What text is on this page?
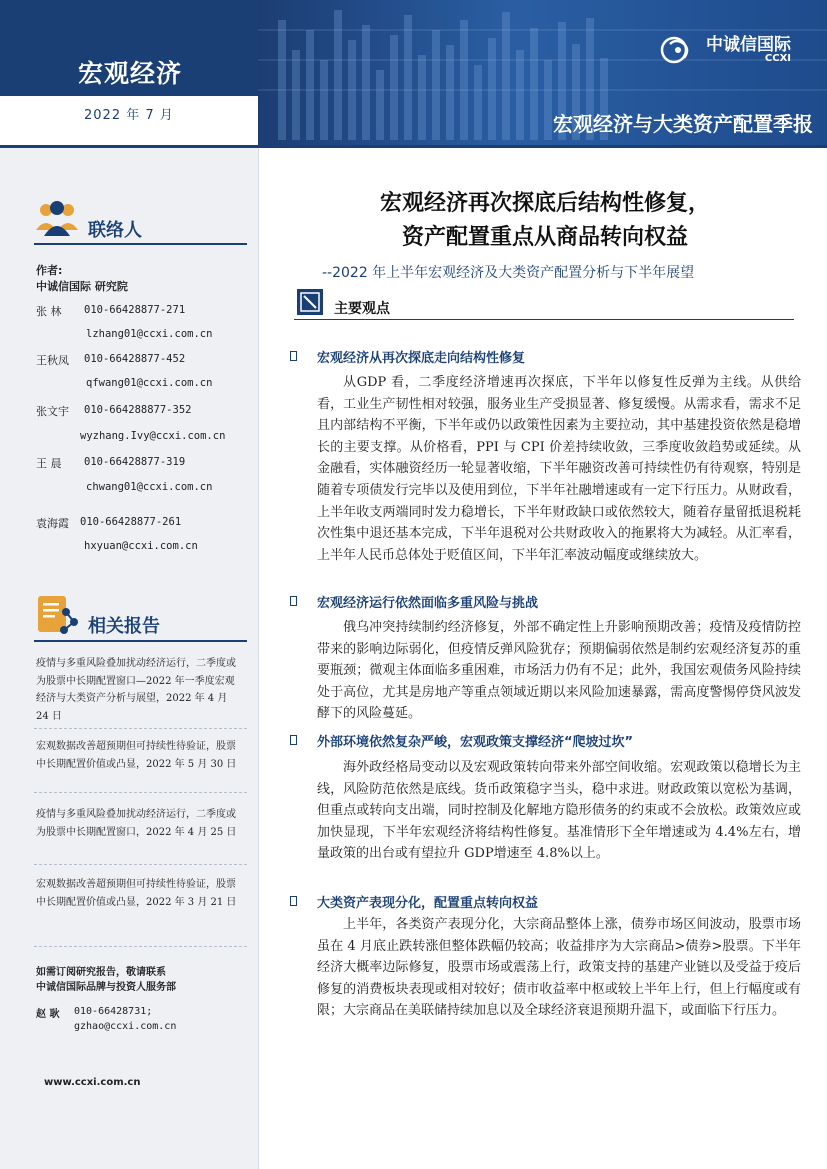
宏观经济
2022 年 7 月
中诚信国际
CCXI
宏观经济与大类资产配置季报
联络人
作者:
中诚信国际 研究院
张 林 010-66428877-271
lzhang01@ccxi.com.cn
王秋凤 010-66428877-452
qfwang01@ccxi.com.cn
张文宇 010-664288877-352
wyzhang.Ivy@ccxi.com.cn
王 晨 010-66428877-319
chwang01@ccxi.com.cn
袁海霞 010-66428877-261
hxyuan@ccxi.com.cn
相关报告
疫情与多重风险叠加扰动经济运行，二季度或为股票中长期配置窗口—2022 年一季度宏观经济与大类资产分析与展望，2022 年 4 月 24 日
宏观数据改善超预期但可持续性待验证，股票中长期配置价值或凸显，2022 年 5 月 30 日
疫情与多重风险叠加扰动经济运行，二季度或为股票中长期配置窗口，2022 年 4 月 25 日
宏观数据改善超预期但可持续性待验证，股票中长期配置价值或凸显，2022 年 3 月 21 日
如需订阅研究报告，敬请联系
中诚信国际品牌与投资人服务部
赵 耿 010-66428731;
gzhao@ccxi.com.cn
www.ccxi.com.cn
宏观经济再次探底后结构性修复，
资产配置重点从商品转向权益
--2022 年上半年宏观经济及大类资产配置分析与下半年展望
主要观点
宏观经济从再次探底走向结构性修复
从GDP 看，二季度经济增速再次探底，下半年以修复性反弹为主线。从供给看，工业生产韧性相对较强，服务业生产受损显著、修复缓慢。从需求看，需求不足且内部结构不平衡，下半年或仍以政策性因素为主要拉动，其中基建投资依然是稳增长的主要支撑。从价格看，PPI 与 CPI 价差持续收敛，三季度收敛趋势或延续。从金融看，实体融资经历一轮显著收缩，下半年融资改善可持续性仍有待观察，特别是随着专项债发行完毕以及使用到位，下半年社融增速或有一定下行压力。从财政看，上半年收支两端同时发力稳增长，下半年财政缺口或依然较大，随着存量留抵退税耗次性集中退还基本完成，下半年退税对公共财政收入的拖累将大为减轻。从汇率看，上半年人民币总体处于贬值区间，下半年汇率波动幅度或继续放大。
宏观经济运行依然面临多重风险与挑战
俄乌冲突持续制约经济修复，外部不确定性上升影响预期改善；疫情及疫情防控带来的影响边际弱化，但疫情反弹风险犹存；预期偏弱依然是制约宏观经济复苏的重要瓶颈；微观主体面临多重困难，市场活力仍有不足；此外，我国宏观债务风险持续处于高位，尤其是房地产等重点领域近期以来风险加速暴露，需高度警惕停贷风波发酵下的风险蔓延。
外部环境依然复杂严峻，宏观政策支撑经济“爬坡过坎”
海外政经格局变动以及宏观政策转向带来外部空间收缩。宏观政策以稳增长为主线，风险防范依然是底线。货币政策稳字当头，稳中求进。财政政策以宽松为基调，但重点或转向支出端，同时控制及化解地方隐形债务的约束或不会放松。政策效应或加快显现，下半年宏观经济将结构性修复。基准情形下全年增速或为 4.4%左右，增量政策的出台或有望拉升 GDP增速至 4.8%以上。
大类资产表现分化，配置重点转向权益
上半年，各类资产表现分化，大宗商品整体上涨，债券市场区间波动，股票市场虽在 4 月底止跌转涨但整体跌幅仍较高；收益排序为大宗商品>债券>股票。下半年经济大概率边际修复，股票市场或震荡上行，政策支持的基建产业链以及受益于疫后修复的消费板块表现或相对较好；债市收益率中枢或较上半年上行，但上行幅度或有限；大宗商品在美联储持续加息以及全球经济衰退预期升温下，或面临下行压力。
